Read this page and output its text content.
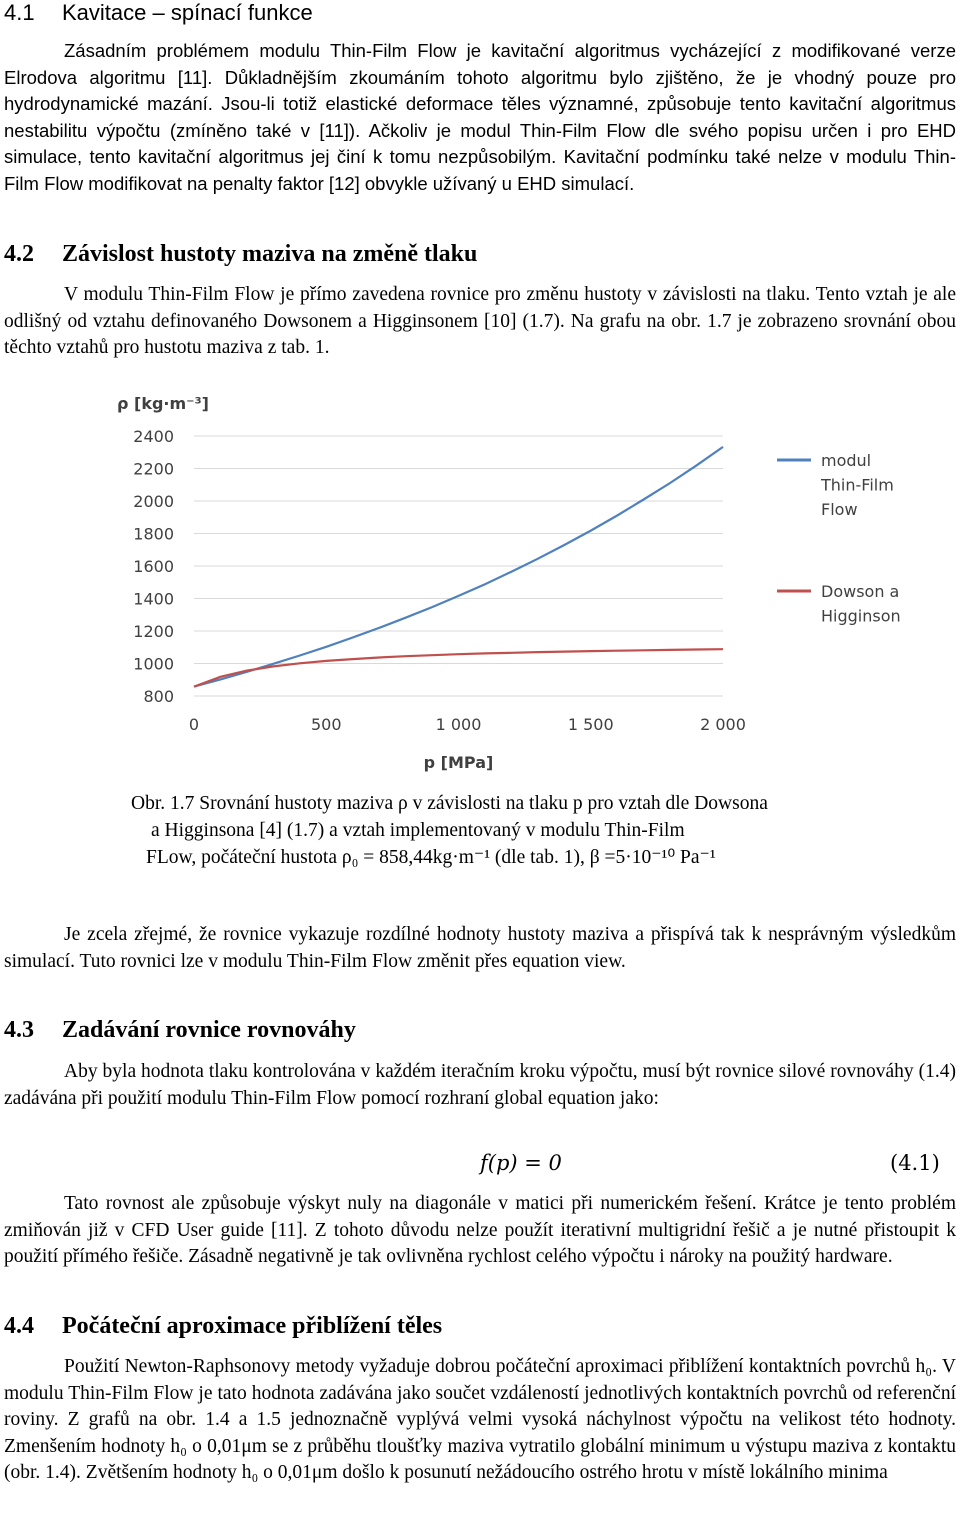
4.1 Kavitace – spínací funkce

Zásadním problémem modulu Thin-Film Flow je kavitační algoritmus vycházející z modifikované verze Elrodova algoritmu [11]. Důkladnějším zkoumáním tohoto algoritmu bylo zjištěno, že je vhodný pouze pro hydrodynamické mazání. Jsou-li totiž elastické deformace těles významné, způsobuje tento kavitační algoritmus nestabilitu výpočtu (zmíněno také v [11]). Ačkoliv je modul Thin-Film Flow dle svého popisu určen i pro EHD simulace, tento kavitační algoritmus jej činí k tomu nezpůsobilým. Kavitační podmínku také nelze v modulu Thin-Film Flow modifikovat na penalty faktor [12] obvykle užívaný u EHD simulací.

4.2 Závislost hustoty maziva na změně tlaku

V modulu Thin-Film Flow je přímo zavedena rovnice pro změnu hustoty v závislosti na tlaku. Tento vztah je ale odlišný od vztahu definovaného Dowsonem a Higginsonem [10] (1.7). Na grafu na obr. 1.7 je zobrazeno srovnání obou těchto vztahů pro hustotu maziva z tab. 1.

800
1000
1200
1400
1600
1800
2000
2200
2400
0	500	1 000	1 500	2 000
ρ [kg·m⁻³]
p [MPa]
modul Thin-Film Flow
Dowson a Higginson
Obr. 1.7 Srovnání hustoty maziva ρ v závislosti na tlaku p pro vztah dle Dowsona
a Higginsona [4] (1.7) a vztah implementovaný v modulu Thin-Film
FLow, počáteční hustota ρ₀ = 858,44kg·m⁻¹ (dle tab. 1), β =5·10⁻¹⁰ Pa⁻¹

Je zcela zřejmé, že rovnice vykazuje rozdílné hodnoty hustoty maziva a přispívá tak k nesprávným výsledkům simulací. Tuto rovnici lze v modulu Thin-Film Flow změnit přes equation view.

4.3 Zadávání rovnice rovnováhy

Aby byla hodnota tlaku kontrolována v každém iteračním kroku výpočtu, musí být rovnice silové rovnováhy (1.4) zadávána při použití modulu Thin-Film Flow pomocí rozhraní global equation jako:

f(p) = 0	(4.1)

Tato rovnost ale způsobuje výskyt nuly na diagonále v matici při numerickém řešení. Krátce je tento problém zmiňován již v CFD User guide [11]. Z tohoto důvodu nelze použít iterativní multigridní řešič a je nutné přistoupit k použití přímého řešiče. Zásadně negativně je tak ovlivněna rychlost celého výpočtu i nároky na použitý hardware.

4.4 Počáteční aproximace přiblížení těles

Použití Newton-Raphsonovy metody vyžaduje dobrou počáteční aproximaci přiblížení kontaktních povrchů h₀. V modulu Thin-Film Flow je tato hodnota zadávána jako součet vzdáleností jednotlivých kontaktních povrchů od referenční roviny. Z grafů na obr. 1.4 a 1.5 jednoznačně vyplývá velmi vysoká náchylnost výpočtu na velikost této hodnoty. Zmenšením hodnoty h₀ o 0,01μm se z průběhu tloušťky maziva vytratilo globální minimum u výstupu maziva z kontaktu (obr. 1.4). Zvětšením hodnoty h₀ o 0,01μm došlo k posunutí nežádoucího ostrého hrotu v místě lokálního minima
